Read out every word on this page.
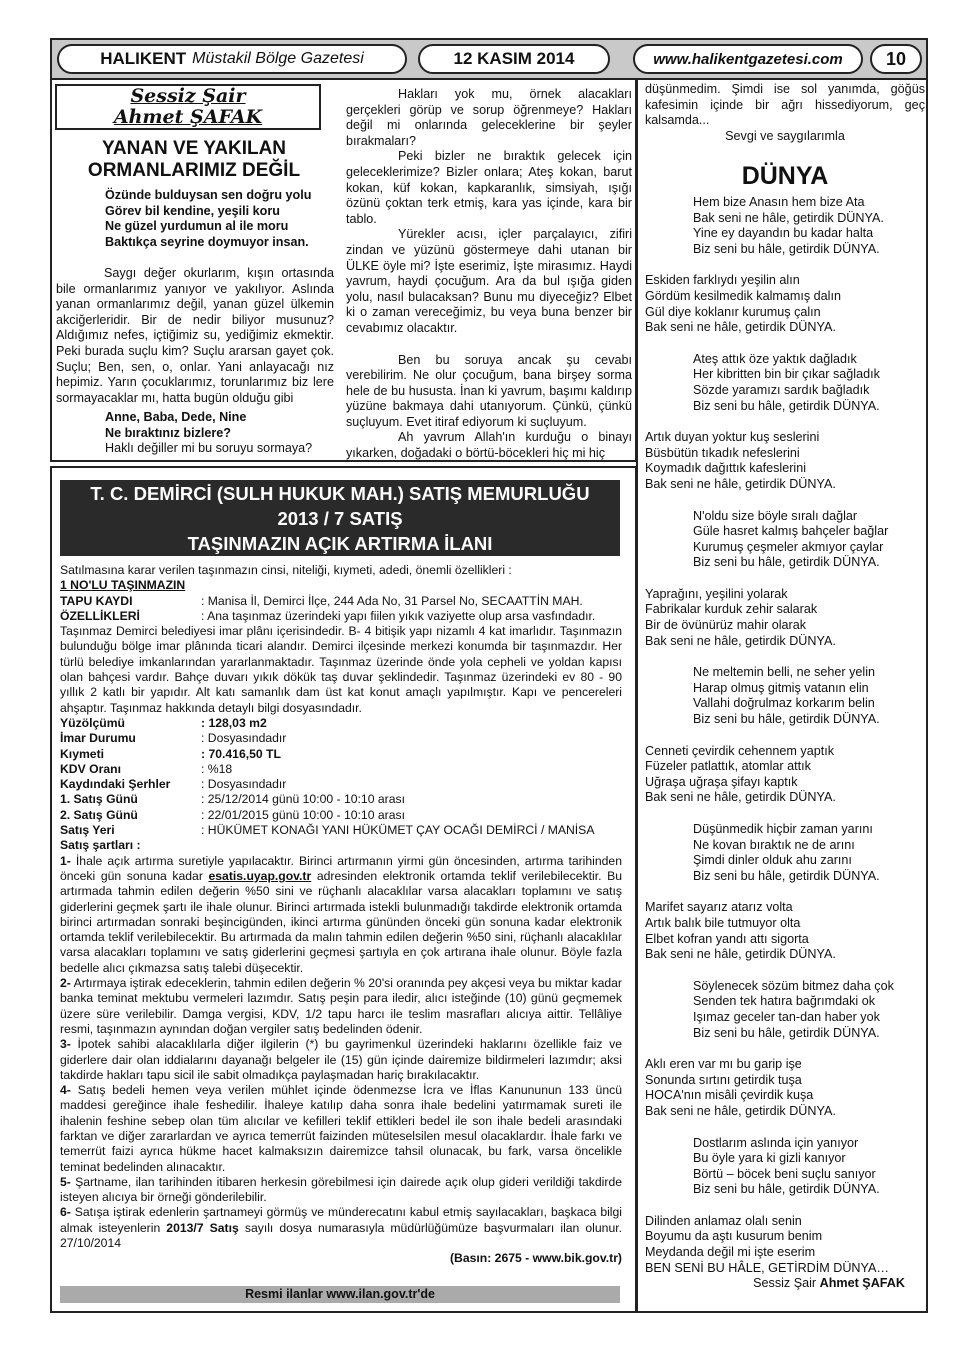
HALIKENT Müstakil Bölge Gazetesi	12 KASIM 2014	www.halikentgazetesi.com	10
Sessiz Şair
Ahmet ŞAFAK
YANAN VE YAKILAN ORMANLARIMIZ DEĞİL
Özünde bulduysan sen doğru yolu
Görev bil kendine, yeşili koru
Ne güzel yurdumun al ile moru
Baktıkça seyrine doymuyor insan.

Saygı değer okurlarım, kışın ortasında bile ormanlarımız yanıyor ve yakılıyor. Aslında yanan ormanlarımız değil, yanan güzel ülkemin akciğerleridir. Bir de nedir biliyor musunuz? Aldığımız nefes, içtiğimiz su, yediğimiz ekmektir. Peki burada suçlu kim? Suçlu ararsan gayet çok. Suçlu; Ben, sen, o, onlar. Yani anlayacağı nız hepimiz. Yarın çocuklarımız, torunlarımız biz lere sormayacaklar mı, hatta bugün olduğu gibi

Anne, Baba, Dede, Nine
Ne bıraktınız bizlere?
Haklı değiller mi bu soruyu sormaya?

Hakları yok mu, örnek alacakları gerçekleri görüp ve sorup öğrenmeye? Hakları değil mi onlarında geleceklerine bir şeyler bırakmaları?

Peki bizler ne bıraktık gelecek için geleceklerimize? Bizler onlara; Ateş kokan, barut kokan, küf kokan, kapkaranlık, simsiyah, ışığı özünü çoktan terk etmiş, kara yas içinde, kara bir tablo.

Yürekler acısı, içler parçalayıcı, zifiri zindan ve yüzünü göstermeye dahi utanan bir ÜLKE öyle mi? İşte eserimiz, İşte mirasımız. Haydi yavrum, haydi çocuğum. Ara da bul ışığa giden yolu, nasıl bulacaksan? Bunu mu diyeceğiz? Elbet ki o zaman vereceğimiz, bu veya buna benzer bir cevabımız olacaktır.

Ben bu soruya ancak şu cevabı verebilirim. Ne olur çocuğum, bana birşey sorma hele de bu hususta. İnan ki yavrum, başımı kaldırıp yüzüne bakmaya dahi utanıyorum. Çünkü, çünkü suçluyum. Evet itiraf ediyorum ki suçluyum.

Ah yavrum Allah'ın kurduğu o binayı yıkarken, doğadaki o börtü-böcekleri hiç mi hiç

düşünmedim. Şimdi ise sol yanımda, göğüs kafesimin içinde bir ağrı hissediyorum, geç kalsamda...
Sevgi ve saygılarımla
DÜNYA
Hem bize Anasın hem bize Ata
Bak seni ne hâle, getirdik DÜNYA.
Yine ey dayandın bu kadar halta
Biz seni bu hâle, getirdik DÜNYA.
Eskiden farklıydı yeşilin alın
Gördüm kesilmedik kalmamış dalın
Gül diye koklanır kurumuş çalın
Bak seni ne hâle, getirdik DÜNYA.
Ateş attık öze yaktık dağladık
Her kibritten bin bir çıkar sağladık
Sözde yaramızı sardık bağladık
Biz seni bu hâle, getirdik DÜNYA.
Artık duyan yoktur kuş seslerini
Büsbütün tıkadık nefeslerini
Koymadık dağıttık kafeslerini
Bak seni ne hâle, getirdik DÜNYA.
N'oldu size böyle sıralı dağlar
Güle hasret kalmış bahçeler bağlar
Kurumuş çeşmeler akmıyor çaylar
Biz seni bu hâle, getirdik DÜNYA.
Yaprağını, yeşilini yolarak
Fabrikalar kurduk zehir salarak
Bir de övünürüz mahir olarak
Bak seni ne hâle, getirdik DÜNYA.
Ne meltemin belli, ne seher yelin
Harap olmuş gitmiş vatanın elin
Vallahi doğrulmaz korkarım belin
Biz seni bu hâle, getirdik DÜNYA.
Cenneti çevirdik cehennem yaptık
Füzeler patlattık, atomlar attık
Uğraşa uğraşa şifayı kaptık
Bak seni ne hâle, getirdik DÜNYA.
Düşünmedik hiçbir zaman yarını
Ne kovan bıraktık ne de arını
Şimdi dinler olduk ahu zarını
Biz seni bu hâle, getirdik DÜNYA.
Marifet sayarız atarız volta
Artık balık bile tutmuyor olta
Elbet kofran yandı attı sigorta
Bak seni ne hâle, getirdik DÜNYA.
Söylenecek sözüm bitmez daha çok
Senden tek hatıra bağrımdaki ok
Işımaz geceler tan-dan haber yok
Biz seni bu hâle, getirdik DÜNYA.
Aklı eren var mı bu garip işe
Sonunda sırtını getirdik tuşa
HOCA'nın misâli çevirdik kuşa
Bak seni ne hâle, getirdik DÜNYA.
Dostlarım aslında için yanıyor
Bu öyle yara ki gizli kanıyor
Börtü – böcek beni suçlu sanıyor
Biz seni bu hâle, getirdik DÜNYA.
Dilinden anlamaz olalı senin
Boyumu da aştı kusurum benim
Meydanda değil mi işte eserim
BEN SENİ BU HÂLE, GETİRDİM DÜNYA…
Sessiz Şair Ahmet ŞAFAK
T. C. DEMİRCİ (SULH HUKUK MAH.) SATIŞ MEMURLUĞU
2013 / 7 SATIŞ
TAŞINMAZIN AÇIK ARTIRMA İLANI
Satılmasına karar verilen taşınmazın cinsi, niteliği, kıymeti, adedi, önemli özellikleri :
1 NO'LU TAŞINMAZIN
TAPU KAYDI	: Manisa İl, Demirci İlçe, 244 Ada No, 31 Parsel No, SECAATTİN MAH.
ÖZELLİKLERİ	: Ana taşınmaz üzerindeki yapı fiilen yıkık vaziyette olup arsa vasfındadır.
Taşınmaz Demirci belediyesi imar plânı içerisindedir. B- 4 bitişik yapı nizamlı 4 kat imarlıdır. Taşınmazın bulunduğu bölge imar plânında ticari alandır. Demirci ilçesinde merkezi konumda bir taşınmazdır. Her türlü belediye imkanlarından yararlanmaktadır. Taşınmaz üzerinde önde yola cepheli ve yoldan kapısı olan bahçesi vardır. Bahçe duvarı yıkık dökük taş duvar şeklindedir. Taşınmaz üzerindeki ev 80 - 90 yıllık 2 katlı bir yapıdır. Alt katı samanlık dam üst kat konut amaçlı yapılmıştır. Kapı ve pencereleri ahşaptır. Taşınmaz hakkında detaylı bilgi dosyasındadır.
Yüzölçümü	: 128,03 m2
İmar Durumu	: Dosyasındadır
Kıymeti	: 70.416,50 TL
KDV Oranı	: %18
Kaydındaki Şerhler	: Dosyasındadır
1. Satış Günü	: 25/12/2014 günü 10:00 - 10:10 arası
2. Satış Günü	: 22/01/2015 günü 10:00 - 10:10 arası
Satış Yeri	: HÜKÜMET KONAĞI YANI HÜKÜMET ÇAY OCAĞI DEMİRCİ / MANİSA
Satış şartları :
1- İhale açık artırma suretiyle yapılacaktır. Birinci artırmanın yirmi gün öncesinden, artırma tarihinden önceki gün sonuna kadar esatis.uyap.gov.tr adresinden elektronik ortamda teklif verilebilecektir. Bu artırmada tahmin edilen değerin %50 sini ve rüçhanlı alacaklılar varsa alacakları toplamını ve satış giderlerini geçmek şartı ile ihale olunur. Birinci artırmada istekli bulunmadığı takdirde elektronik ortamda birinci artırmadan sonraki beşincigünden, ikinci artırma gününden önceki gün sonuna kadar elektronik ortamda teklif verilebilecektir. Bu artırmada da malın tahmin edilen değerin %50 sini, rüçhanlı alacaklılar varsa alacakları toplamını ve satış giderlerini geçmesi şartıyla en çok artırana ihale olunur. Böyle fazla bedelle alıcı çıkmazsa satış talebi düşecektir.
2- Artırmaya iştirak edeceklerin, tahmin edilen değerin % 20'si oranında pey akçesi veya bu miktar kadar banka teminat mektubu vermeleri lazımdır. Satış peşin para iledir, alıcı isteğinde (10) günü geçmemek üzere süre verilebilir. Damga vergisi, KDV, 1/2 tapu harcı ile teslim masrafları alıcıya aittir. Tellâliye resmi, taşınmazın aynından doğan vergiler satış bedelinden ödenir.
3- İpotek sahibi alacaklılarla diğer ilgilerin (*) bu gayrimenkul üzerindeki haklarını özellikle faiz ve giderlere dair olan iddialarını dayanağı belgeler ile (15) gün içinde dairemize bildirmeleri lazımdır; aksi takdirde hakları tapu sicil ile sabit olmadıkça paylaşmadan hariç bırakılacaktır.
4- Satış bedeli hemen veya verilen mühlet içinde ödenmezse İcra ve İflas Kanununun 133 üncü maddesi gereğince ihale feshedilir. İhaleye katılıp daha sonra ihale bedelini yatırmamak sureti ile ihalenin feshine sebep olan tüm alıcılar ve kefilleri teklif ettikleri bedel ile son ihale bedeli arasındaki farktan ve diğer zararlardan ve ayrıca temerrüt faizinden müteselsilen mesul olacaklardır. İhale farkı ve temerrüt faizi ayrıca hükme hacet kalmaksızın dairemizce tahsil olunacak, bu fark, varsa öncelikle teminat bedelinden alınacaktır.
5- Şartname, ilan tarihinden itibaren herkesin görebilmesi için dairede açık olup gideri verildiği takdirde isteyen alıcıya bir örneği gönderilebilir.
6- Satışa iştirak edenlerin şartnameyi görmüş ve münderecatını kabul etmiş sayılacakları, başkaca bilgi almak isteyenlerin 2013/7 Satış sayılı dosya numarasıyla müdürlüğümüze başvurmaları ilan olunur. 27/10/2014
(Basın: 2675 - www.bik.gov.tr)
Resmi ilanlar www.ilan.gov.tr'de
